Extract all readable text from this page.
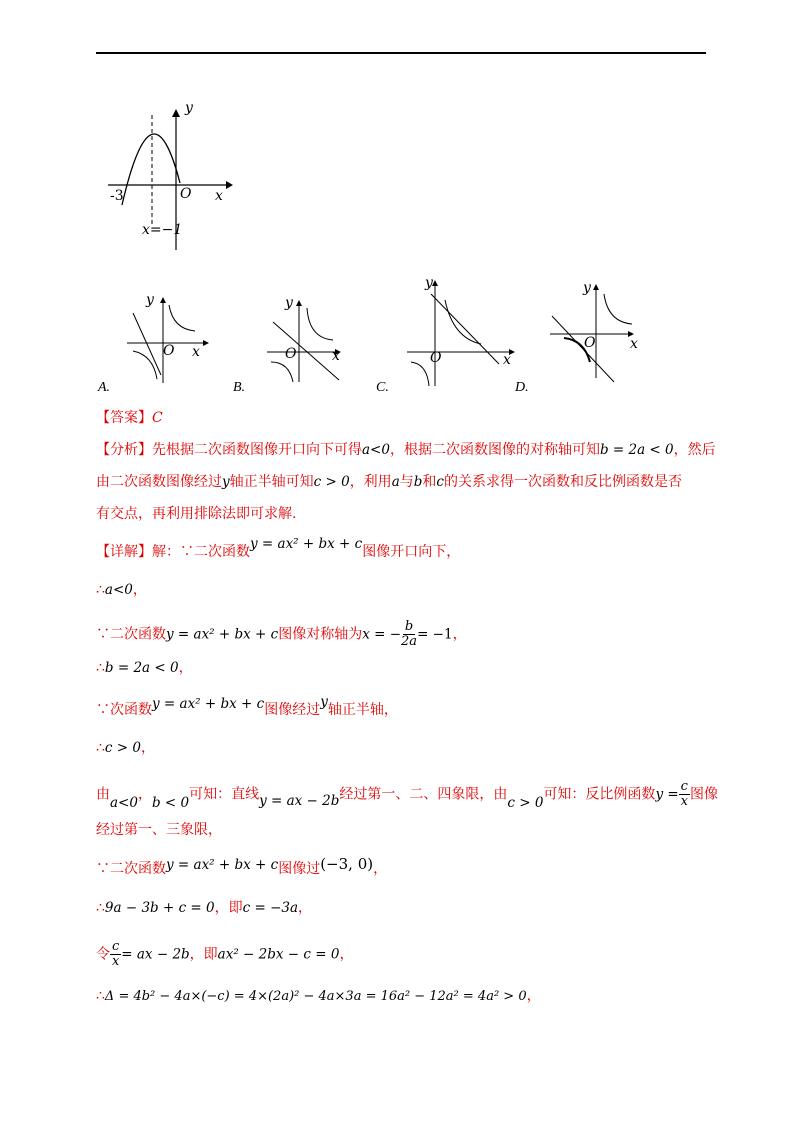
y
x
O
-3
x=−1
y
x
O
A.
y
x
O
B.
y
x
O
C.
y
x
O
D.
【答案】C
【分析】先根据二次函数图像开口向下可得a<0，根据二次函数图像的对称轴可知b = 2a < 0，然后
由二次函数图像经过y轴正半轴可知c > 0，利用a与b和c的关系求得一次函数和反比例函数是否
有交点，再利用排除法即可求解.
【详解】解：∵二次函数y = ax² + bx + c图像开口向下，
∴a<0，
∵二次函数y = ax² + bx + c图像对称轴为x = − $\frac{b}{2a} = -1$，
∴b = 2a < 0，
∵次函数y = ax² + bx + c图像经过y轴正半轴，
∴c > 0，
由a<0，b < 0可知：直线y = ax − 2b经过第一、二、四象限，由c > 0可知：反比例函数$y = \frac{c}{x}$ 图像
经过第一、三象限，
∵二次函数y = ax² + bx + c图像过(−3, 0)，
∴9a − 3b + c = 0，即c = −3a，
令 $\frac{c}{x}$ = ax − 2b，即ax² − 2bx − c = 0，
∴Δ = 4b² − 4a×(−c) = 4×(2a)² − 4a×3a = 16a² − 12a² = 4a² > 0，
